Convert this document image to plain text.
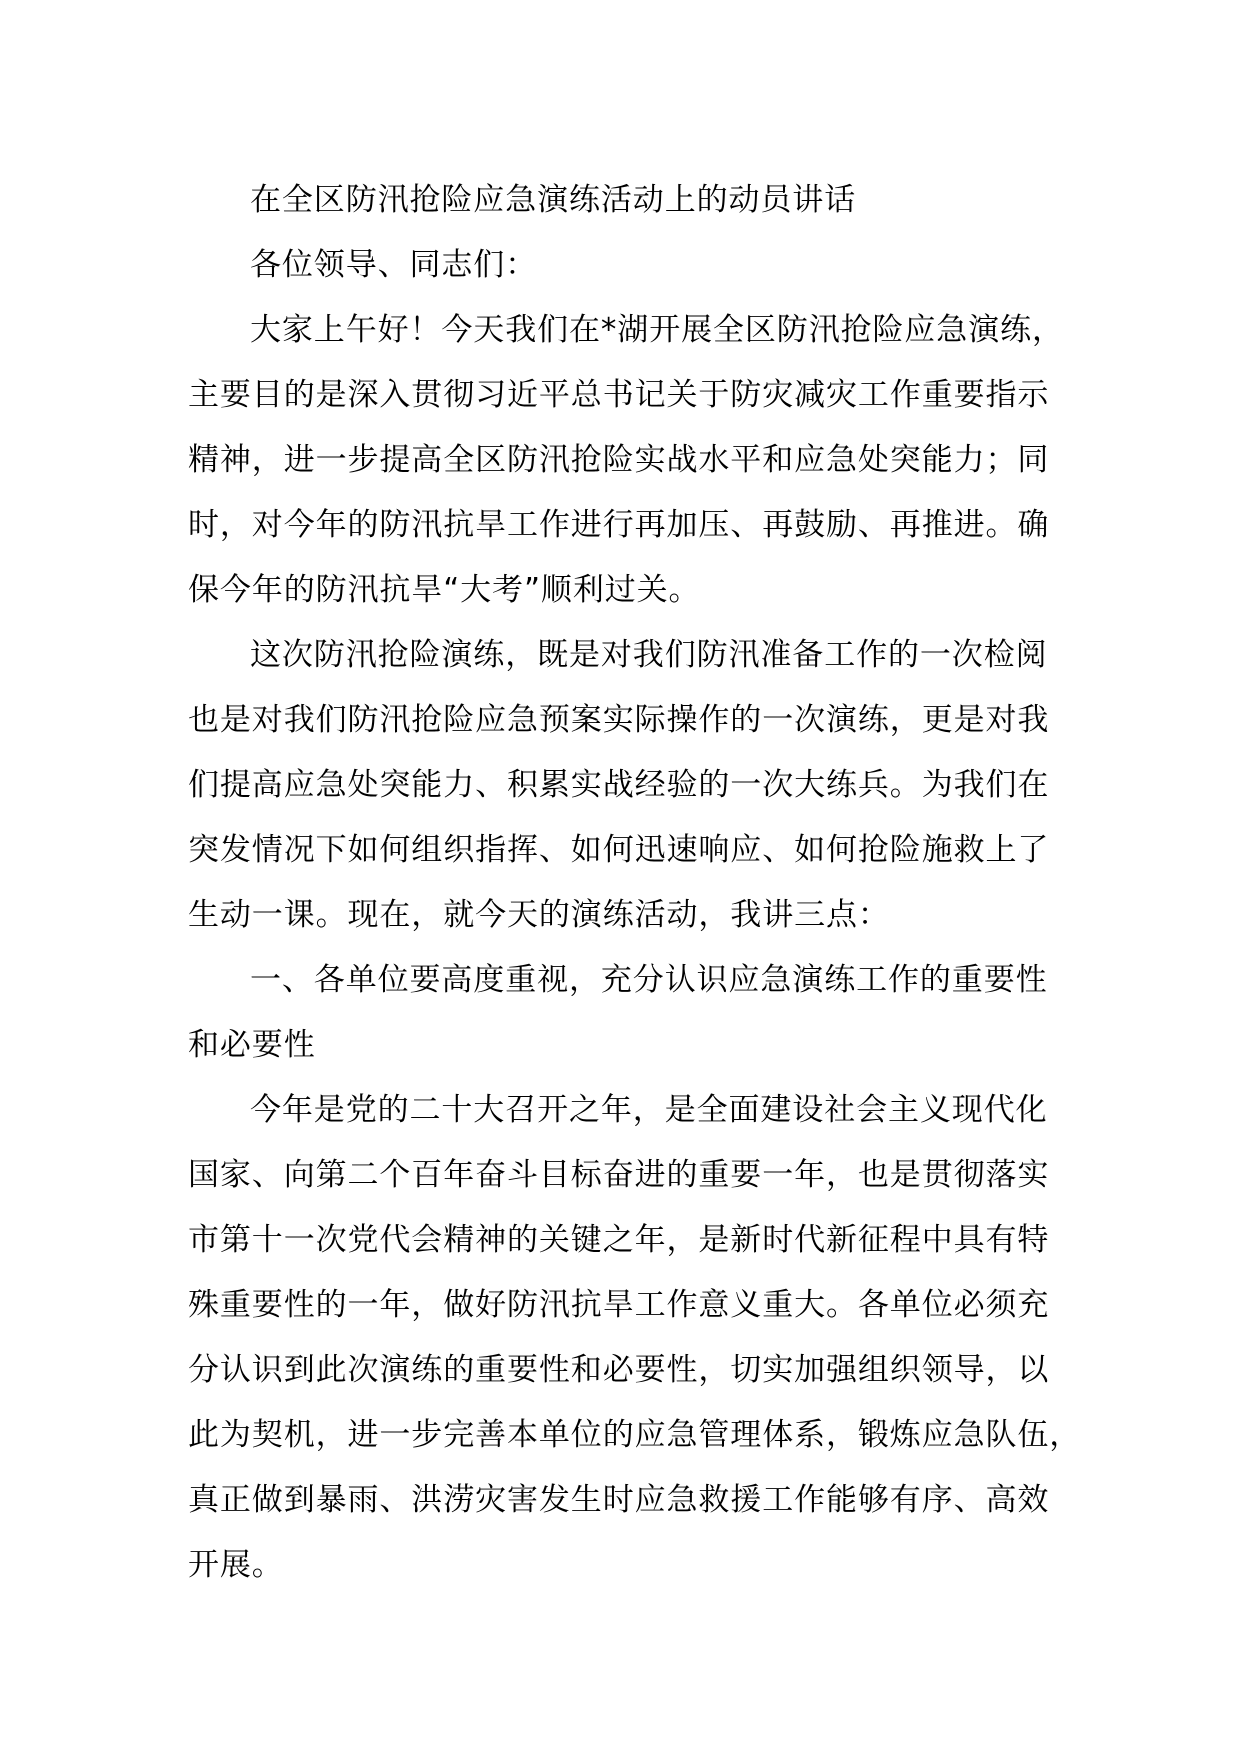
在全区防汛抢险应急演练活动上的动员讲话
各位领导、同志们：
大家上午好！今天我们在*湖开展全区防汛抢险应急演练，
主要目的是深入贯彻习近平总书记关于防灾减灾工作重要指示
精神，进一步提高全区防汛抢险实战水平和应急处突能力；同
时，对今年的防汛抗旱工作进行再加压、再鼓励、再推进。确
保今年的防汛抗旱“大考”顺利过关。
这次防汛抢险演练，既是对我们防汛准备工作的一次检阅
也是对我们防汛抢险应急预案实际操作的一次演练，更是对我
们提高应急处突能力、积累实战经验的一次大练兵。为我们在
突发情况下如何组织指挥、如何迅速响应、如何抢险施救上了
生动一课。现在，就今天的演练活动，我讲三点：
一、各单位要高度重视，充分认识应急演练工作的重要性
和必要性
今年是党的二十大召开之年，是全面建设社会主义现代化
国家、向第二个百年奋斗目标奋进的重要一年，也是贯彻落实
市第十一次党代会精神的关键之年，是新时代新征程中具有特
殊重要性的一年，做好防汛抗旱工作意义重大。各单位必须充
分认识到此次演练的重要性和必要性，切实加强组织领导，以
此为契机，进一步完善本单位的应急管理体系，锻炼应急队伍，
真正做到暴雨、洪涝灾害发生时应急救援工作能够有序、高效
开展。
